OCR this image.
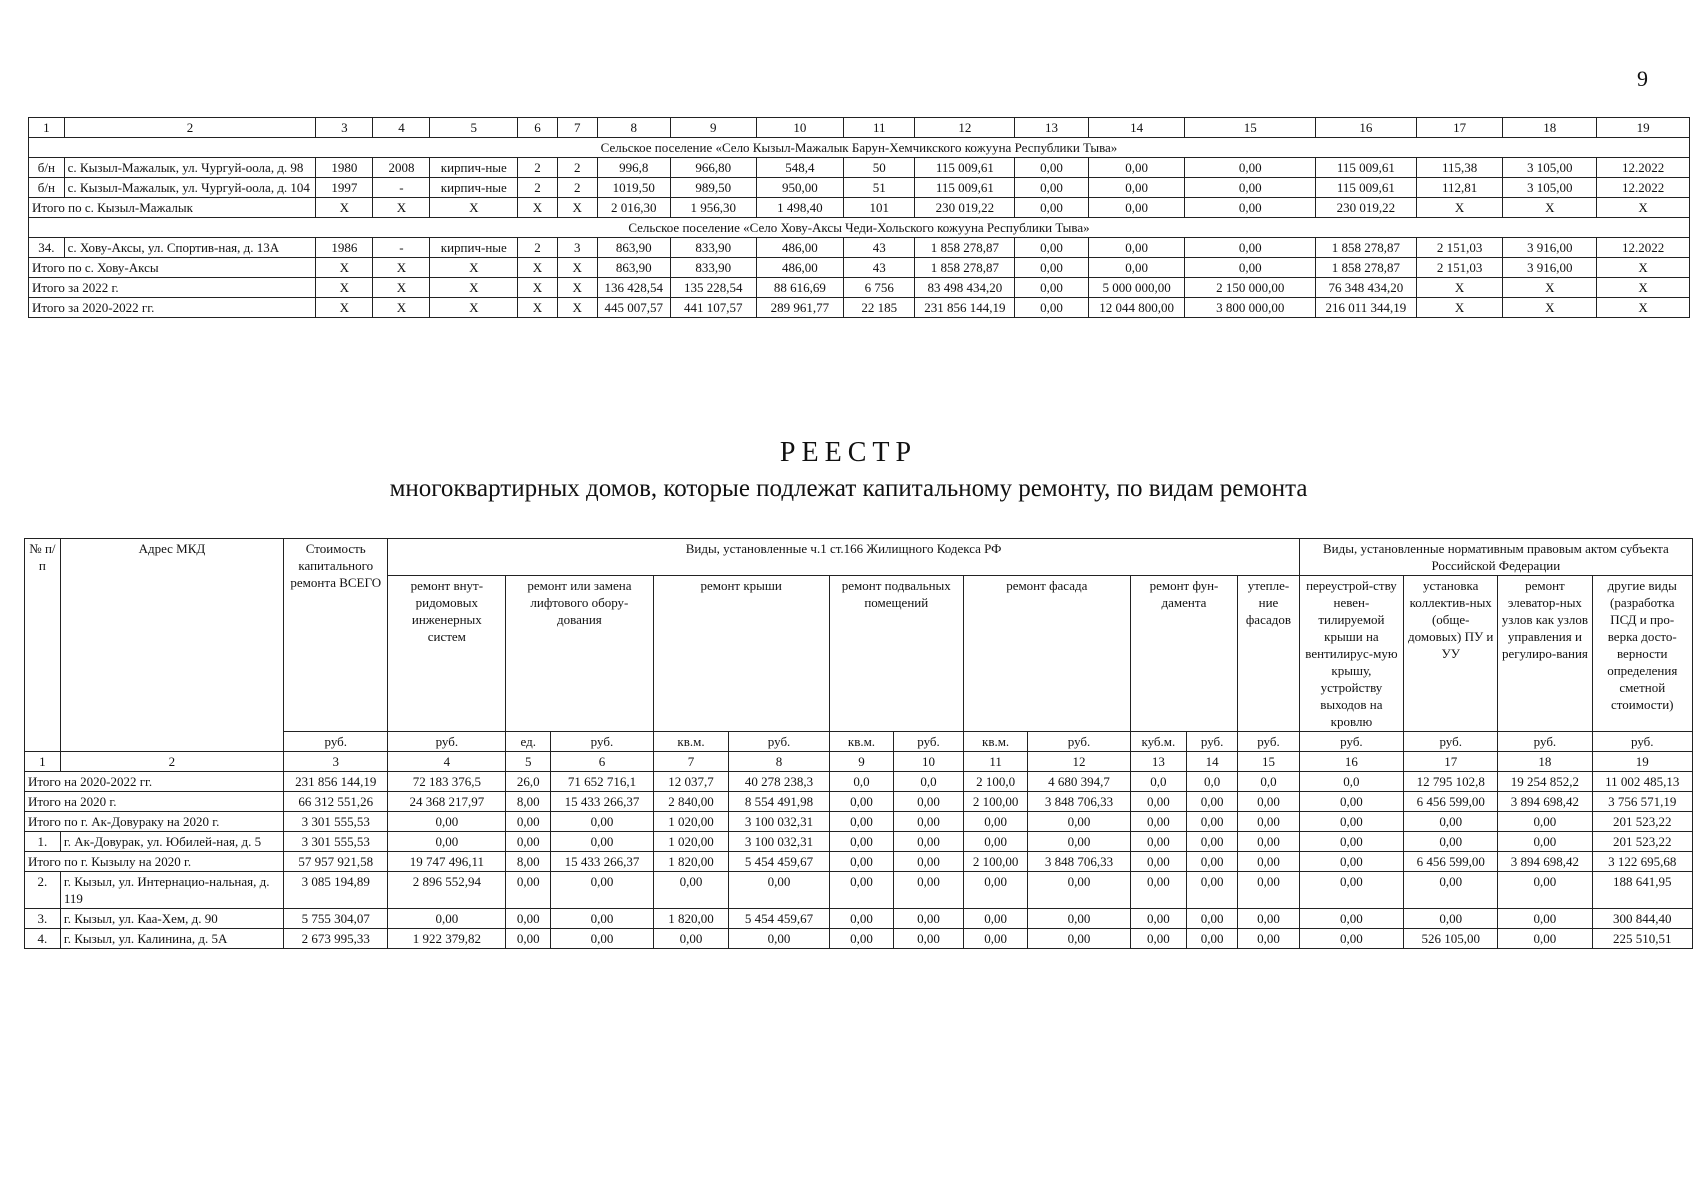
9
1	2	3	4	5	6	7	8	9	10	11	12	13	14	15	16	17	18	19
Сельское поселение «Село Кызыл-Мажалык Барун-Хемчикского кожууна Республики Тыва»																		
б/н	с. Кызыл-Мажалык, ул. Чургуй-оола, д. 98	1980	2008	кирпич-ные	2	2	996,8	966,80	548,4	50	115 009,61	0,00	0,00	0,00	115 009,61	115,38	3 105,00	12.2022
б/н	с. Кызыл-Мажалык, ул. Чургуй-оола, д. 104	1997	-	кирпич-ные	2	2	1019,50	989,50	950,00	51	115 009,61	0,00	0,00	0,00	115 009,61	112,81	3 105,00	12.2022
Итого по с. Кызыл-Мажалык		X	X	X	X	X	2 016,30	1 956,30	1 498,40	101	230 019,22	0,00	0,00	0,00	230 019,22	X	X	X
Сельское поселение «Село Хову-Аксы Чеди-Хольского кожууна Республики Тыва»																		
34.	с. Хову-Аксы, ул. Спортив-ная, д. 13А	1986	-	кирпич-ные	2	3	863,90	833,90	486,00	43	1 858 278,87	0,00	0,00	0,00	1 858 278,87	2 151,03	3 916,00	12.2022
Итого по с. Хову-Аксы		X	X	X	X	X	863,90	833,90	486,00	43	1 858 278,87	0,00	0,00	0,00	1 858 278,87	2 151,03	3 916,00	X
Итого за 2022 г.		X	X	X	X	X	136 428,54	135 228,54	88 616,69	6 756	83 498 434,20	0,00	5 000 000,00	2 150 000,00	76 348 434,20	X	X	X
Итого за 2020-2022 гг.		X	X	X	X	X	445 007,57	441 107,57	289 961,77	22 185	231 856 144,19	0,00	12 044 800,00	3 800 000,00	216 011 344,19	X	X	X
РЕЕСТР
многоквартирных домов, которые подлежат капитальному ремонту, по видам ремонта
№ п/п	Адрес МКД	Стоимость капитального ремонта ВСЕГО	Виды, установленные ч.1 ст.166 Жилищного Кодекса РФ												Виды, установленные нормативным правовым актом субъекта Российской Федерации			
			ремонт внут-ридомовых инженерных систем	ремонт или замена лифтового обору-дования		ремонт крыши		ремонт подвальных помещений		ремонт фасада		ремонт фун-дамента		утепле-ние фасадов	переустрой-ству невен-тилируемой крыши на вентилирус-мую крышу, устройству выходов на кровлю	установка коллектив-ных (обще-домовых) ПУ и УУ	ремонт элеватор-ных узлов как узлов управления и регулиро-вания	другие виды (разработка ПСД и про-верка досто-верности определения сметной стоимости)
		руб.	руб.	ед.	руб.	кв.м.	руб.	кв.м.	руб.	кв.м.	руб.	куб.м.	руб.	руб.	руб.	руб.	руб.	руб.
1	2	3	4	5	6	7	8	9	10	11	12	13	14	15	16	17	18	19
Итого на 2020-2022 гг.		231 856 144,19	72 183 376,5	26,0	71 652 716,1	12 037,7	40 278 238,3	0,0	0,0	2 100,0	4 680 394,7	0,0	0,0	0,0	0,0	12 795 102,8	19 254 852,2	11 002 485,13
Итого на 2020 г.		66 312 551,26	24 368 217,97	8,00	15 433 266,37	2 840,00	8 554 491,98	0,00	0,00	2 100,00	3 848 706,33	0,00	0,00	0,00	0,00	6 456 599,00	3 894 698,42	3 756 571,19
Итого по г. Ак-Довураку на 2020 г.		3 301 555,53	0,00	0,00	0,00	1 020,00	3 100 032,31	0,00	0,00	0,00	0,00	0,00	0,00	0,00	0,00	0,00	0,00	201 523,22
1.	г. Ак-Довурак, ул. Юбилей-ная, д. 5	3 301 555,53	0,00	0,00	0,00	1 020,00	3 100 032,31	0,00	0,00	0,00	0,00	0,00	0,00	0,00	0,00	0,00	0,00	201 523,22
Итого по г. Кызылу на 2020 г.		57 957 921,58	19 747 496,11	8,00	15 433 266,37	1 820,00	5 454 459,67	0,00	0,00	2 100,00	3 848 706,33	0,00	0,00	0,00	0,00	6 456 599,00	3 894 698,42	3 122 695,68
2.	г. Кызыл, ул. Интернацио-нальная, д. 119	3 085 194,89	2 896 552,94	0,00	0,00	0,00	0,00	0,00	0,00	0,00	0,00	0,00	0,00	0,00	0,00	0,00	0,00	188 641,95
3.	г. Кызыл, ул. Каа-Хем, д. 90	5 755 304,07	0,00	0,00	0,00	1 820,00	5 454 459,67	0,00	0,00	0,00	0,00	0,00	0,00	0,00	0,00	0,00	0,00	300 844,40
4.	г. Кызыл, ул. Калинина, д. 5А	2 673 995,33	1 922 379,82	0,00	0,00	0,00	0,00	0,00	0,00	0,00	0,00	0,00	0,00	0,00	0,00	526 105,00	0,00	225 510,51
